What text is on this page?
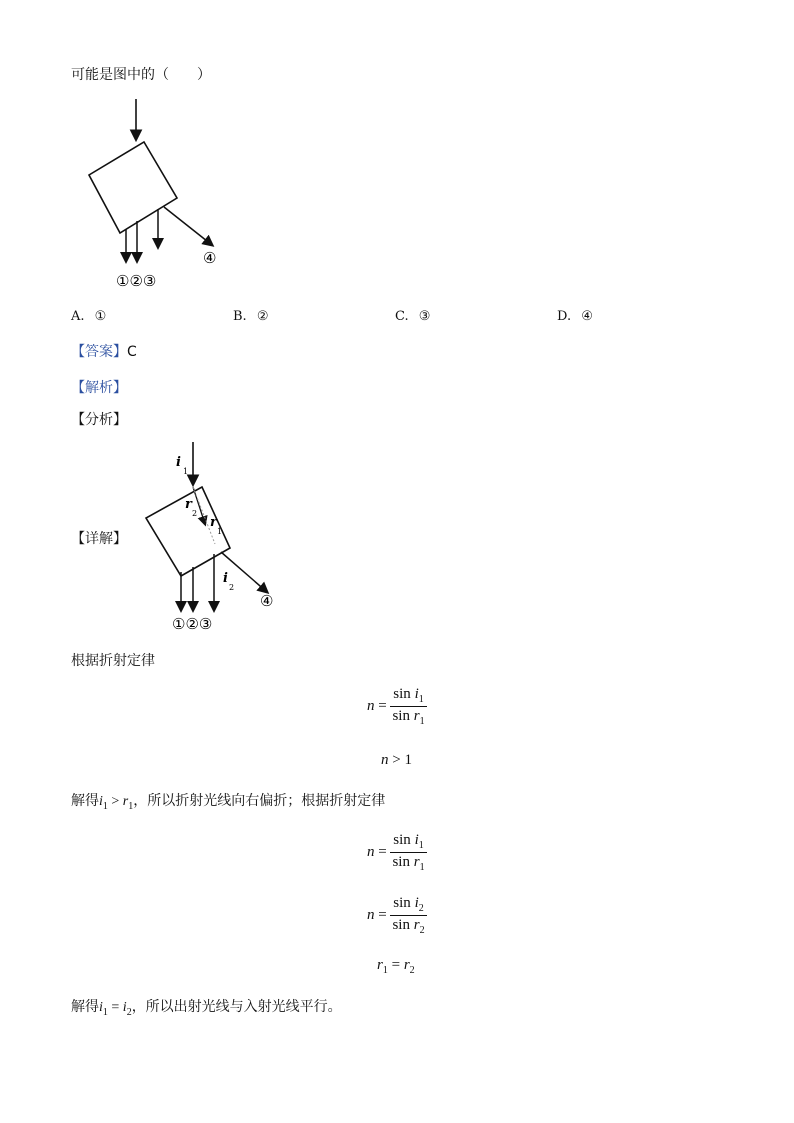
可能是图中的（　　）
①②③
④
A. ①	B. ②	C. ③	D. ④
【答案】C
【解析】
【分析】
【详解】
i
1
r
2
r
1
i
2
①②③
④
根据折射定律
$n = \frac{\sin i_1}{\sin r_1}$
n > 1
解得$i_1 > r_1$，所以折射光线向右偏折；根据折射定律
$n = \frac{\sin i_1}{\sin r_1}$
$n = \frac{\sin i_2}{\sin r_2}$
$r_1 = r_2$
解得$i_1 = i_2$，所以出射光线与入射光线平行。
